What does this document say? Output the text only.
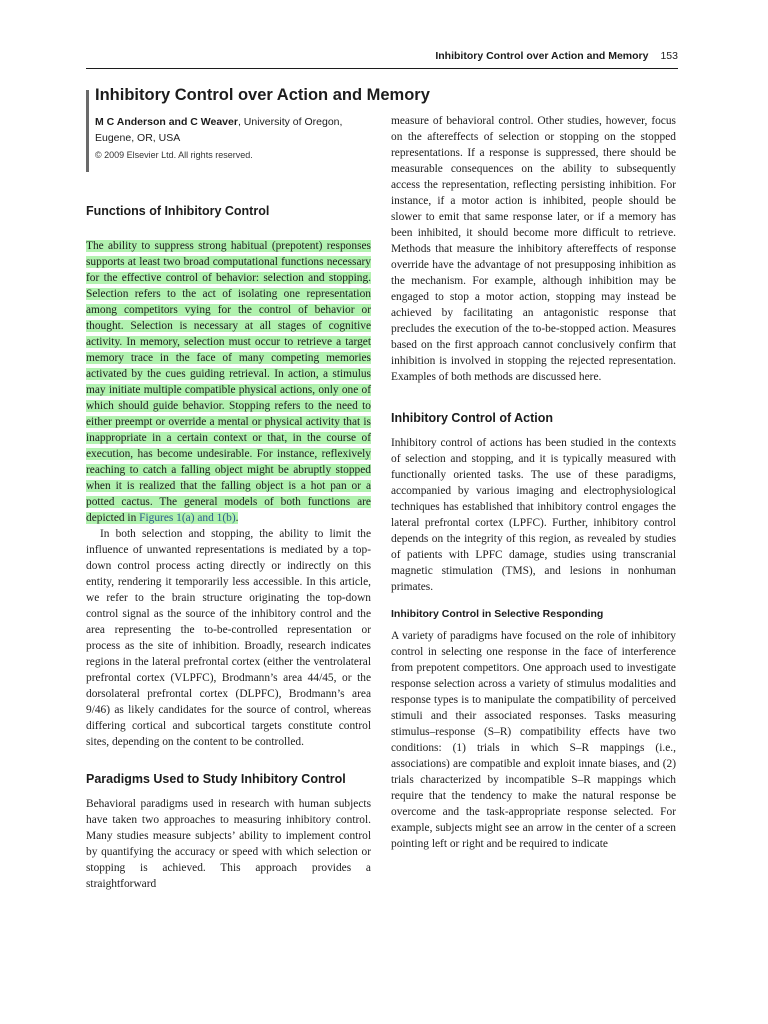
Inhibitory Control over Action and Memory 153
Inhibitory Control over Action and Memory
M C Anderson and C Weaver, University of Oregon, Eugene, OR, USA
© 2009 Elsevier Ltd. All rights reserved.
Functions of Inhibitory Control

The ability to suppress strong habitual (prepotent) responses supports at least two broad computational functions necessary for the effective control of behavior: selection and stopping. Selection refers to the act of isolating one representation among competitors vying for the control of behavior or thought. Selection is necessary at all stages of cognitive activity. In memory, selection must occur to retrieve a target memory trace in the face of many competing memories activated by the cues guiding retrieval. In action, a stimulus may initiate multiple compatible physical actions, only one of which should guide behavior. Stopping refers to the need to either preempt or override a mental or physical activity that is inappropriate in a certain context or that, in the course of execution, has become undesirable. For instance, reflexively reaching to catch a falling object might be abruptly stopped when it is realized that the falling object is a hot pan or a potted cactus. The general models of both functions are depicted in Figures 1(a) and 1(b).

In both selection and stopping, the ability to limit the influence of unwanted representations is mediated by a top-down control process acting directly or indirectly on this entity, rendering it temporarily less accessible. In this article, we refer to the brain structure originating the top-down control signal as the source of the inhibitory control and the area representing the to-be-controlled representation or process as the site of inhibition. Broadly, research indicates regions in the lateral prefrontal cortex (either the ventrolateral prefrontal cortex (VLPFC), Brodmann’s area 44/45, or the dorsolateral prefrontal cortex (DLPFC), Brodmann’s area 9/46) as likely candidates for the source of control, whereas differing cortical and subcortical targets constitute control sites, depending on the content to be controlled.

Paradigms Used to Study Inhibitory Control

Behavioral paradigms used in research with human subjects have taken two approaches to measuring inhibitory control. Many studies measure subjects’ ability to implement control by quantifying the accuracy or speed with which selection or stopping is achieved. This approach provides a straightforward

measure of behavioral control. Other studies, however, focus on the aftereffects of selection or stopping on the stopped representations. If a response is suppressed, there should be measurable consequences on the ability to subsequently access the representation, reflecting persisting inhibition. For instance, if a motor action is inhibited, people should be slower to emit that same response later, or if a memory has been inhibited, it should become more difficult to retrieve. Methods that measure the inhibitory aftereffects of response override have the advantage of not presupposing inhibition as the mechanism. For example, although inhibition may be engaged to stop a motor action, stopping may instead be achieved by facilitating an antagonistic response that precludes the execution of the to-be-stopped action. Measures based on the first approach cannot conclusively confirm that inhibition is involved in stopping the rejected representation. Examples of both methods are discussed here.

Inhibitory Control of Action

Inhibitory control of actions has been studied in the contexts of selection and stopping, and it is typically measured with functionally oriented tasks. The use of these paradigms, accompanied by various imaging and electrophysiological techniques has established that inhibitory control engages the lateral prefrontal cortex (LPFC). Further, inhibitory control depends on the integrity of this region, as revealed by studies of patients with LPFC damage, studies using transcranial magnetic stimulation (TMS), and lesions in nonhuman primates.

Inhibitory Control in Selective Responding

A variety of paradigms have focused on the role of inhibitory control in selecting one response in the face of interference from prepotent competitors. One approach used to investigate response selection across a variety of stimulus modalities and response types is to manipulate the compatibility of perceived stimuli and their associated responses. Tasks measuring stimulus–response (S–R) compatibility effects have two conditions: (1) trials in which S–R mappings (i.e., associations) are compatible and exploit innate biases, and (2) trials characterized by incompatible S–R mappings which require that the tendency to make the natural response be overcome and the task-appropriate response selected. For example, subjects might see an arrow in the center of a screen pointing left or right and be required to indicate
